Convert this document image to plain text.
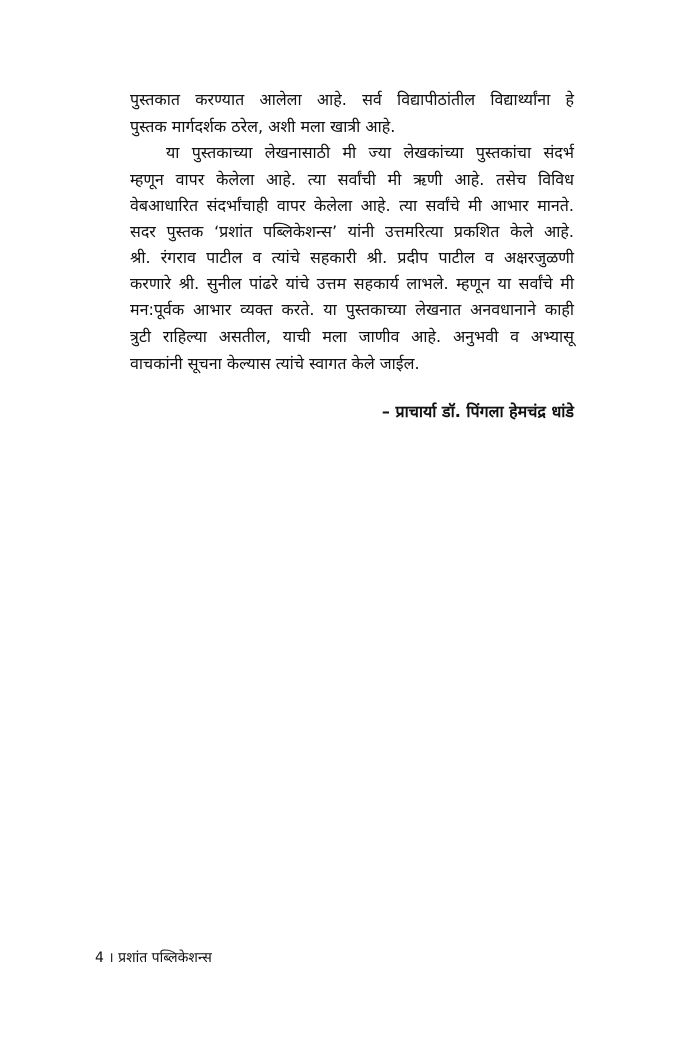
पुस्तकात करण्यात आलेला आहे. सर्व विद्यापीठांतील विद्यार्थ्यांना हे
पुस्तक मार्गदर्शक ठरेल, अशी मला खात्री आहे.
या पुस्तकाच्या लेखनासाठी मी ज्या लेखकांच्या पुस्तकांचा संदर्भ
म्हणून वापर केलेला आहे. त्या सर्वांची मी ऋणी आहे. तसेच विविध
वेबआधारित संदर्भांचाही वापर केलेला आहे. त्या सर्वांचे मी आभार मानते.
सदर पुस्तक ‘प्रशांत पब्लिकेशन्स’ यांनी उत्तमरित्या प्रकशित केले आहे.
श्री. रंगराव पाटील व त्यांचे सहकारी श्री. प्रदीप पाटील व अक्षरजुळणी
करणारे श्री. सुनील पांढरे यांचे उत्तम सहकार्य लाभले. म्हणून या सर्वांचे मी
मन:पूर्वक आभार व्यक्त करते. या पुस्तकाच्या लेखनात अनवधानाने काही
त्रुटी राहिल्या असतील, याची मला जाणीव आहे. अनुभवी व अभ्यासू
वाचकांनी सूचना केल्यास त्यांचे स्वागत केले जाईल.
– प्राचार्या डॉ. पिंगला हेमचंद्र धांडे
4 । प्रशांत पब्लिकेशन्स
